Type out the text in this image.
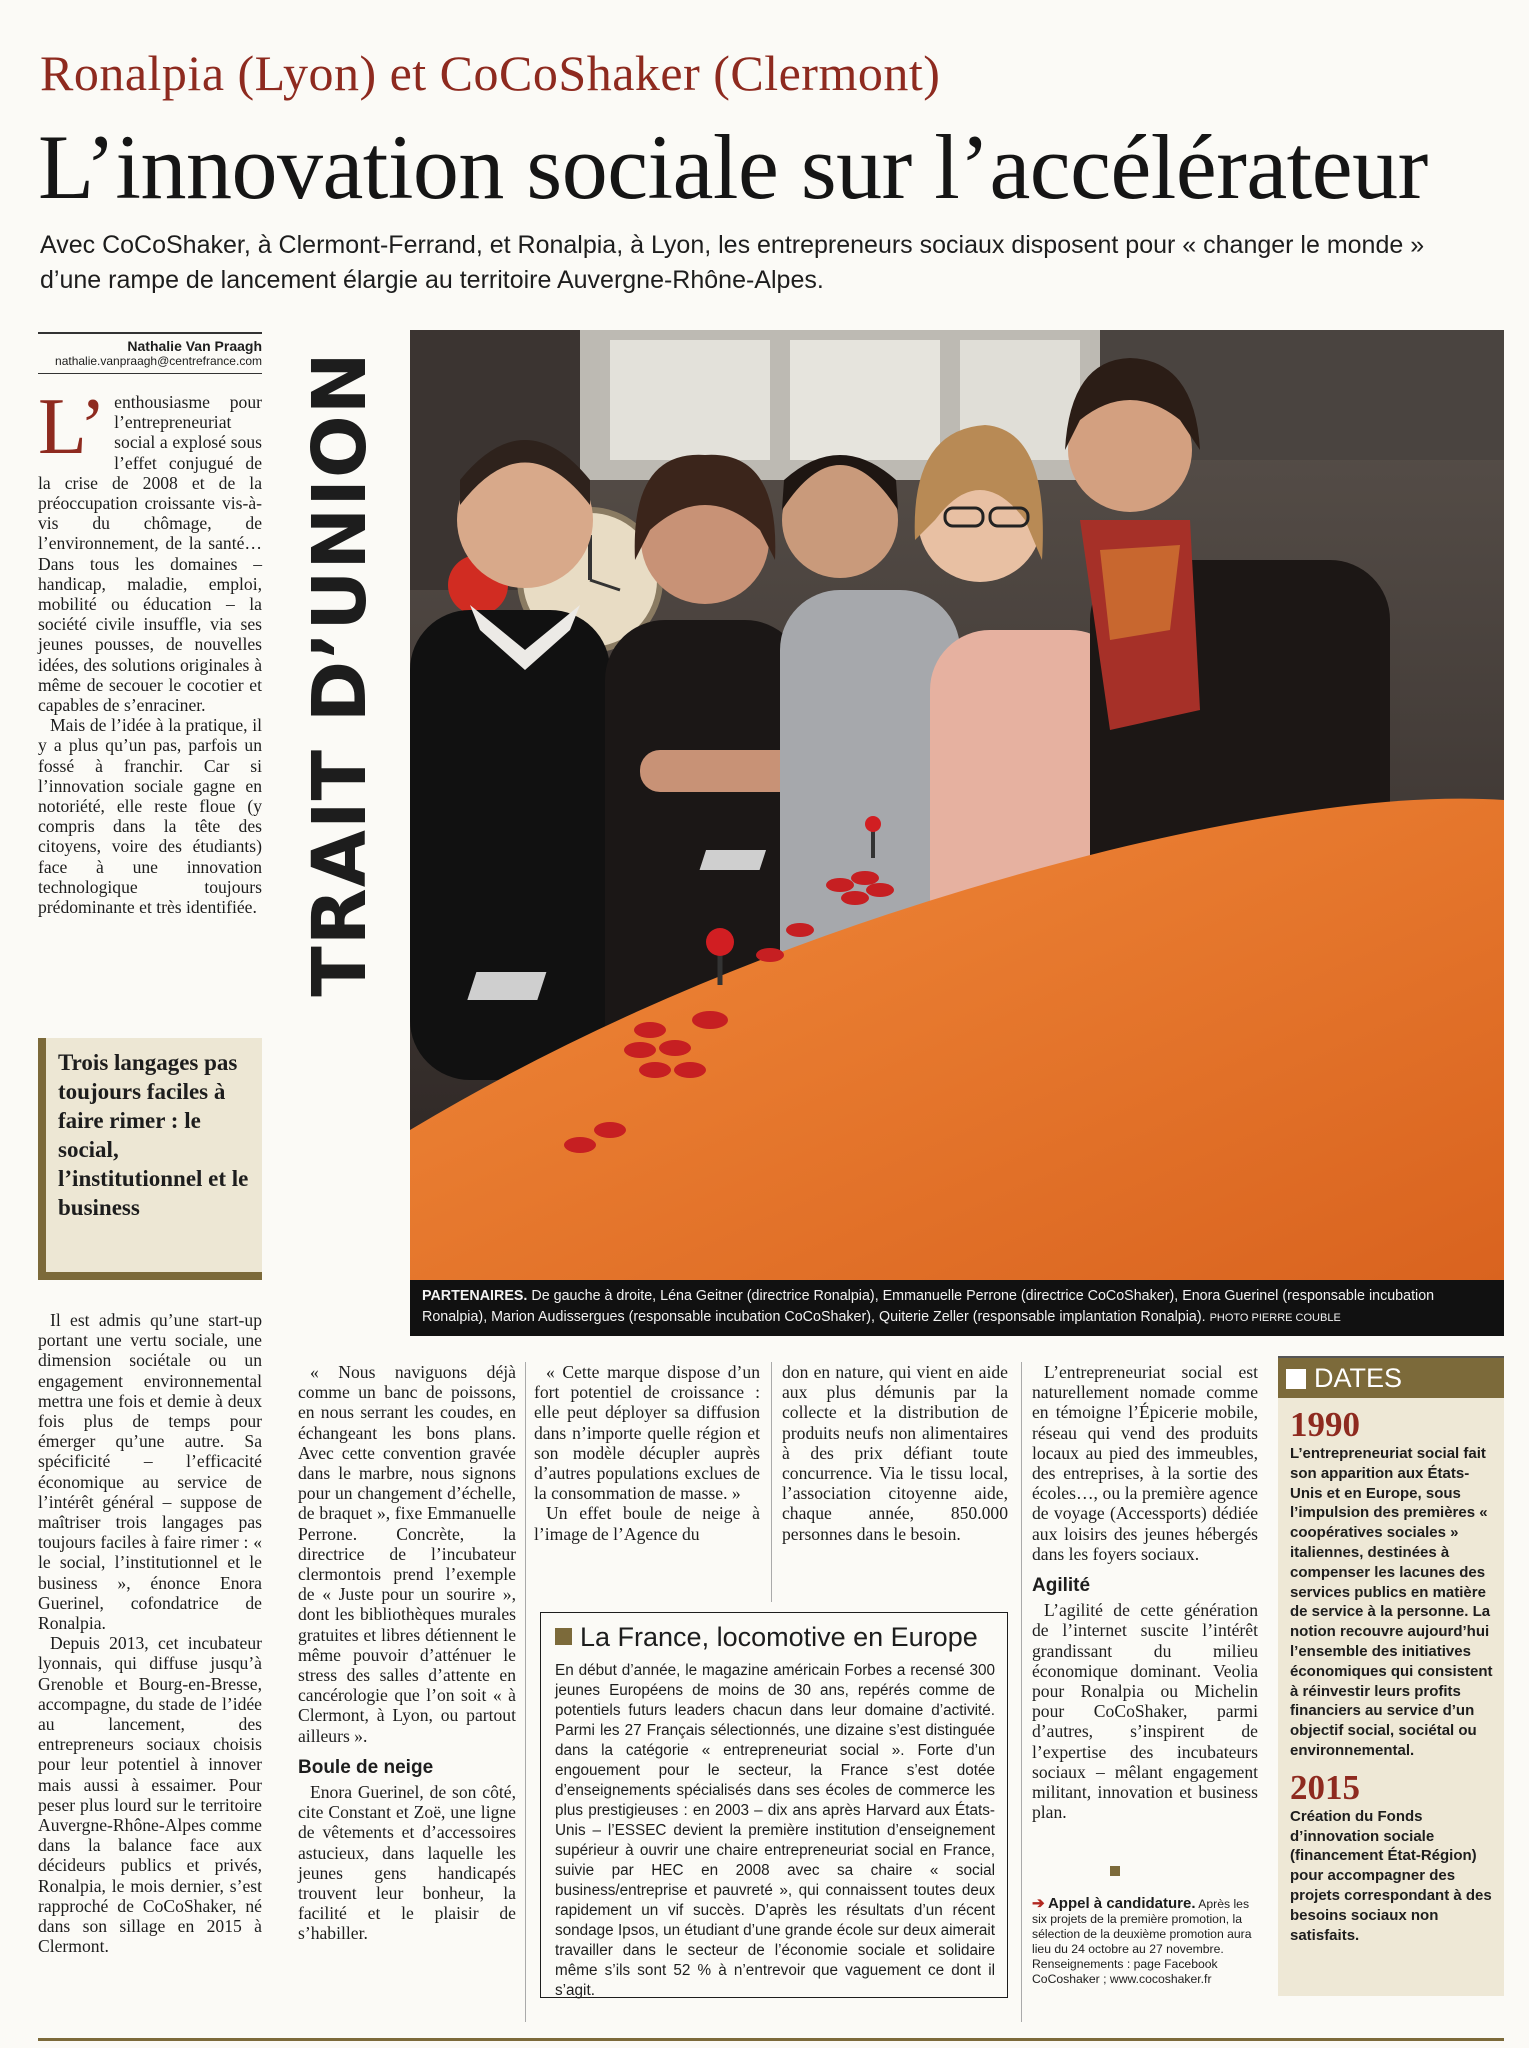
Ronalpia (Lyon) et CoCoShaker (Clermont)
L’innovation sociale sur l’accélérateur
Avec CoCoShaker, à Clermont-Ferrand, et Ronalpia, à Lyon, les entrepreneurs sociaux disposent pour « changer le monde » d’une rampe de lancement élargie au territoire Auvergne-Rhône-Alpes.
Nathalie Van Praagh
nathalie.vanpraagh@centrefrance.com
L’ enthousiasme pour l’entrepreneuriat social a explosé sous l’effet conjugué de la crise de 2008 et de la préoccupation croissante vis-à-vis du chômage, de l’environnement, de la santé… Dans tous les domaines – handicap, maladie, emploi, mobilité ou éducation – la société civile insuffle, via ses jeunes pousses, de nouvelles idées, des solutions originales à même de secouer le cocotier et capables de s’enraciner.

Mais de l’idée à la pratique, il y a plus qu’un pas, parfois un fossé à franchir. Car si l’innovation sociale gagne en notoriété, elle reste floue (y compris dans la tête des citoyens, voire des étudiants) face à une innovation technologique toujours prédominante et très identifiée.

Trois langages pas toujours faciles à faire rimer : le social, l’institutionnel et le business

Il est admis qu’une start-up portant une vertu sociale, une dimension sociétale ou un engagement environnemental mettra une fois et demie à deux fois plus de temps pour émerger qu’une autre. Sa spécificité – l’efficacité économique au service de l’intérêt général – suppose de maîtriser trois langages pas toujours faciles à faire rimer : « le social, l’institutionnel et le business », énonce Enora Guerinel, cofondatrice de Ronalpia.

Depuis 2013, cet incubateur lyonnais, qui diffuse jusqu’à Grenoble et Bourg-en-Bresse, accompagne, du stade de l’idée au lancement, des entrepreneurs sociaux choisis pour leur potentiel à innover mais aussi à essaimer. Pour peser plus lourd sur le territoire Auvergne-Rhône-Alpes comme dans la balance face aux décideurs publics et privés, Ronalpia, le mois dernier, s’est rapproché de CoCoShaker, né dans son sillage en 2015 à Clermont.

TRAIT D’UNION
PARTENAIRES. De gauche à droite, Léna Geitner (directrice Ronalpia), Emmanuelle Perrone (directrice CoCoShaker), Enora Guerinel (responsable incubation Ronalpia), Marion Audissergues (responsable incubation CoCoShaker), Quiterie Zeller (responsable implantation Ronalpia). PHOTO PIERRE COUBLE

« Nous naviguons déjà comme un banc de poissons, en nous serrant les coudes, en échangeant les bons plans. Avec cette convention gravée dans le marbre, nous signons pour un changement d’échelle, de braquet », fixe Emmanuelle Perrone. Concrète, la directrice de l’incubateur clermontois prend l’exemple de « Juste pour un sourire », dont les bibliothèques murales gratuites et libres détiennent le même pouvoir d’atténuer le stress des salles d’attente en cancérologie que l’on soit « à Clermont, à Lyon, ou partout ailleurs ».

Boule de neige

Enora Guerinel, de son côté, cite Constant et Zoë, une ligne de vêtements et d’accessoires astucieux, dans laquelle les jeunes gens handicapés trouvent leur bonheur, la facilité et le plaisir de s’habiller.

« Cette marque dispose d’un fort potentiel de croissance : elle peut déployer sa diffusion dans n’importe quelle région et son modèle décupler auprès d’autres populations exclues de la consommation de masse. »

Un effet boule de neige à l’image de l’Agence du

don en nature, qui vient en aide aux plus démunis par la collecte et la distribution de produits neufs non alimentaires à des prix défiant toute concurrence. Via le tissu local, l’association citoyenne aide, chaque année, 850.000 personnes dans le besoin.

La France, locomotive en Europe
En début d’année, le magazine américain Forbes a recensé 300 jeunes Européens de moins de 30 ans, repérés comme de potentiels futurs leaders chacun dans leur domaine d’activité. Parmi les 27 Français sélectionnés, une dizaine s’est distinguée dans la catégorie « entrepreneuriat social ». Forte d’un engouement pour le secteur, la France s’est dotée d’enseignements spécialisés dans ses écoles de commerce les plus prestigieuses : en 2003 – dix ans après Harvard aux États-Unis – l’ESSEC devient la première institution d’enseignement supérieur à ouvrir une chaire entrepreneuriat social en France, suivie par HEC en 2008 avec sa chaire « social business/entreprise et pauvreté », qui connaissent toutes deux rapidement un vif succès. D’après les résultats d’un récent sondage Ipsos, un étudiant d’une grande école sur deux aimerait travailler dans le secteur de l’économie sociale et solidaire même s’ils sont 52 % à n’entrevoir que vaguement ce dont il s’agit.

L’entrepreneuriat social est naturellement nomade comme en témoigne l’Épicerie mobile, réseau qui vend des produits locaux au pied des immeubles, des entreprises, à la sortie des écoles…, ou la première agence de voyage (Accessports) dédiée aux loisirs des jeunes hébergés dans les foyers sociaux.

Agilité

L’agilité de cette génération de l’internet suscite l’intérêt grandissant du milieu économique dominant. Veolia pour Ronalpia ou Michelin pour CoCoShaker, parmi d’autres, s’inspirent de l’expertise des incubateurs sociaux – mêlant engagement militant, innovation et business plan.

➔ Appel à candidature. Après les six projets de la première promotion, la sélection de la deuxième promotion aura lieu du 24 octobre au 27 novembre. Renseignements : page Facebook CoCoshaker ; www.cocoshaker.fr
DATES
1990
L’entrepreneuriat social fait son apparition aux États-Unis et en Europe, sous l’impulsion des premières « coopératives sociales » italiennes, destinées à compenser les lacunes des services publics en matière de service à la personne. La notion recouvre aujourd’hui l’ensemble des initiatives économiques qui consistent à réinvestir leurs profits financiers au service d’un objectif social, sociétal ou environnemental.
2015
Création du Fonds d’innovation sociale (financement État-Région) pour accompagner des projets correspondant à des besoins sociaux non satisfaits.
